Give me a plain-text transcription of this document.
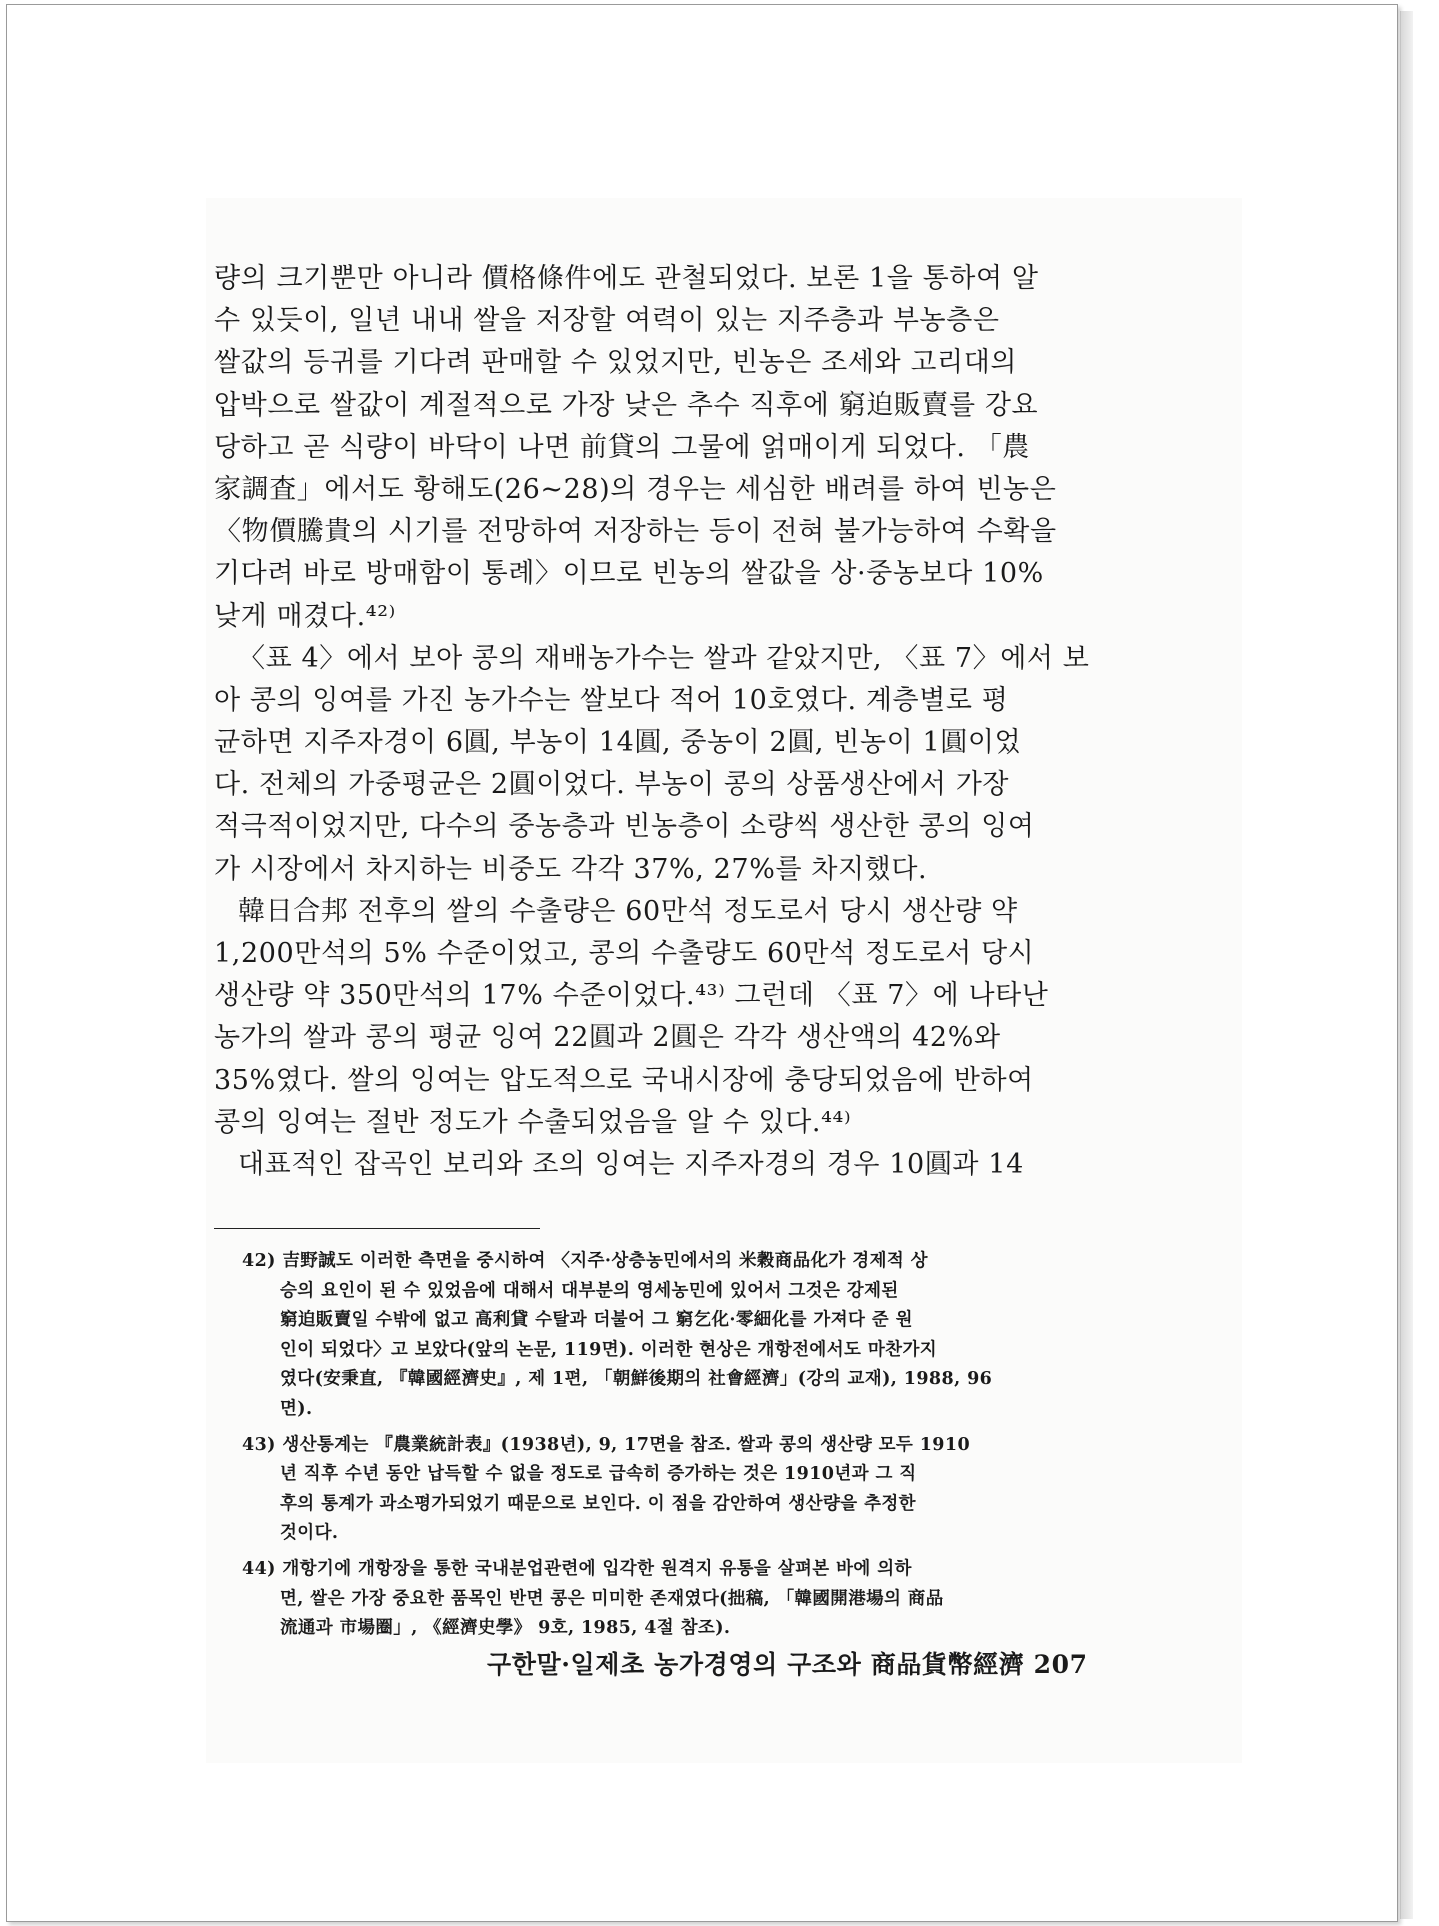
량의 크기뿐만 아니라 價格條件에도 관철되었다. 보론 1을 통하여 알
수 있듯이, 일년 내내 쌀을 저장할 여력이 있는 지주층과 부농층은
쌀값의 등귀를 기다려 판매할 수 있었지만, 빈농은 조세와 고리대의
압박으로 쌀값이 계절적으로 가장 낮은 추수 직후에 窮迫販賣를 강요
당하고 곧 식량이 바닥이 나면 前貸의 그물에 얽매이게 되었다. 「農
家調査」에서도 황해도(26~28)의 경우는 세심한 배려를 하여 빈농은
〈物價騰貴의 시기를 전망하여 저장하는 등이 전혀 불가능하여 수확을
기다려 바로 방매함이 통례〉이므로 빈농의 쌀값을 상·중농보다 10%
낮게 매겼다.⁴²⁾
〈표 4〉에서 보아 콩의 재배농가수는 쌀과 같았지만, 〈표 7〉에서 보
아 콩의 잉여를 가진 농가수는 쌀보다 적어 10호였다. 계층별로 평
균하면 지주자경이 6圓, 부농이 14圓, 중농이 2圓, 빈농이 1圓이었
다. 전체의 가중평균은 2圓이었다. 부농이 콩의 상품생산에서 가장
적극적이었지만, 다수의 중농층과 빈농층이 소량씩 생산한 콩의 잉여
가 시장에서 차지하는 비중도 각각 37%, 27%를 차지했다.
韓日合邦 전후의 쌀의 수출량은 60만석 정도로서 당시 생산량 약
1,200만석의 5% 수준이었고, 콩의 수출량도 60만석 정도로서 당시
생산량 약 350만석의 17% 수준이었다.⁴³⁾ 그런데 〈표 7〉에 나타난
농가의 쌀과 콩의 평균 잉여 22圓과 2圓은 각각 생산액의 42%와
35%였다. 쌀의 잉여는 압도적으로 국내시장에 충당되었음에 반하여
콩의 잉여는 절반 정도가 수출되었음을 알 수 있다.⁴⁴⁾
대표적인 잡곡인 보리와 조의 잉여는 지주자경의 경우 10圓과 14
42) 吉野誠도 이러한 측면을 중시하여 〈지주·상층농민에서의 米穀商品化가 경제적 상
승의 요인이 된 수 있었음에 대해서 대부분의 영세농민에 있어서 그것은 강제된
窮迫販賣일 수밖에 없고 高利貸 수탈과 더불어 그 窮乞化·零細化를 가져다 준 원
인이 되었다〉고 보았다(앞의 논문, 119면). 이러한 현상은 개항전에서도 마찬가지
였다(安秉直, 『韓國經濟史』, 제 1편, 「朝鮮後期의 社會經濟」(강의 교재), 1988, 96
면).
43) 생산통계는 『農業統計表』(1938년), 9, 17면을 참조. 쌀과 콩의 생산량 모두 1910
년 직후 수년 동안 납득할 수 없을 정도로 급속히 증가하는 것은 1910년과 그 직
후의 통계가 과소평가되었기 때문으로 보인다. 이 점을 감안하여 생산량을 추정한
것이다.
44) 개항기에 개항장을 통한 국내분업관련에 입각한 원격지 유통을 살펴본 바에 의하
면, 쌀은 가장 중요한 품목인 반면 콩은 미미한 존재였다(拙稿, 「韓國開港場의 商品
流通과 市場圈」, 《經濟史學》 9호, 1985, 4절 참조).
구한말·일제초 농가경영의 구조와 商品貨幣經濟 207
